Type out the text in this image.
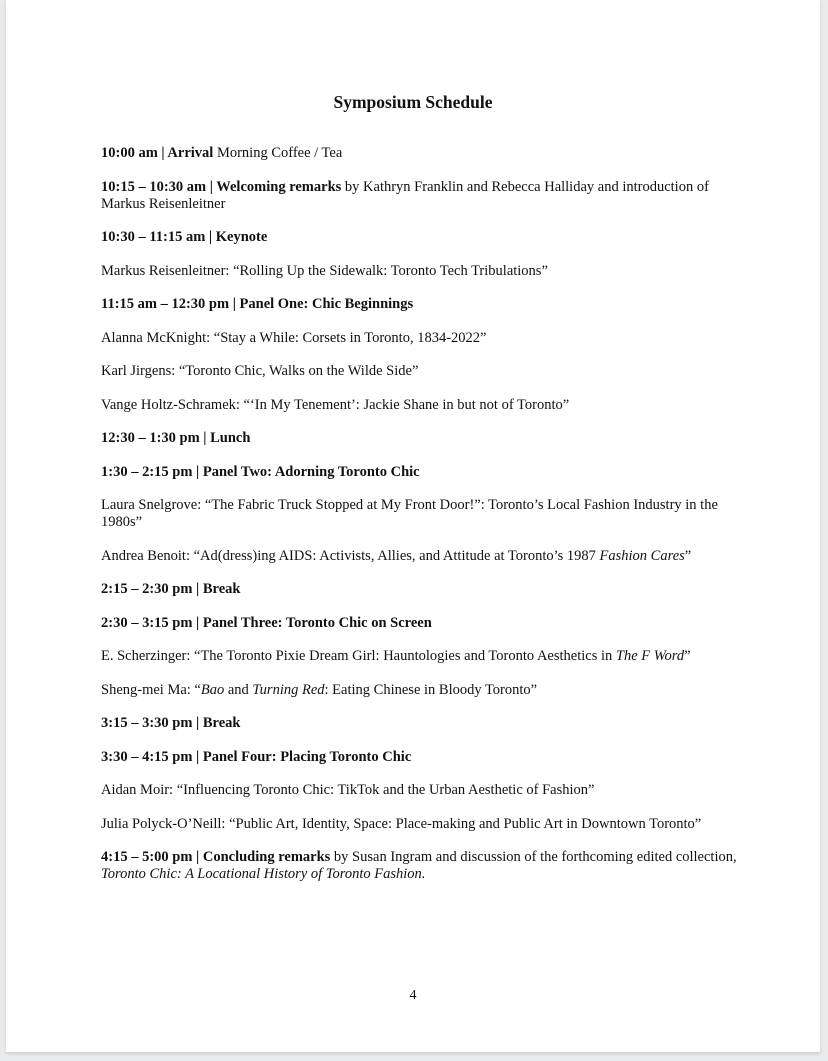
Symposium Schedule
10:00 am | Arrival Morning Coffee / Tea
10:15 – 10:30 am | Welcoming remarks by Kathryn Franklin and Rebecca Halliday and introduction of Markus Reisenleitner
10:30 – 11:15 am | Keynote
Markus Reisenleitner: “Rolling Up the Sidewalk: Toronto Tech Tribulations”
11:15 am – 12:30 pm | Panel One: Chic Beginnings
Alanna McKnight: “Stay a While: Corsets in Toronto, 1834-2022”
Karl Jirgens: “Toronto Chic, Walks on the Wilde Side”
Vange Holtz-Schramek: “‘In My Tenement’: Jackie Shane in but not of Toronto”
12:30 – 1:30 pm | Lunch
1:30 – 2:15 pm | Panel Two: Adorning Toronto Chic
Laura Snelgrove: “The Fabric Truck Stopped at My Front Door!”: Toronto’s Local Fashion Industry in the 1980s”
Andrea Benoit: “Ad(dress)ing AIDS: Activists, Allies, and Attitude at Toronto’s 1987 Fashion Cares”
2:15 – 2:30 pm | Break
2:30 – 3:15 pm | Panel Three: Toronto Chic on Screen
E. Scherzinger: “The Toronto Pixie Dream Girl: Hauntologies and Toronto Aesthetics in The F Word”
Sheng-mei Ma: “Bao and Turning Red: Eating Chinese in Bloody Toronto”
3:15 – 3:30 pm | Break
3:30 – 4:15 pm | Panel Four: Placing Toronto Chic
Aidan Moir: “Influencing Toronto Chic: TikTok and the Urban Aesthetic of Fashion”
Julia Polyck-O’Neill: “Public Art, Identity, Space: Place-making and Public Art in Downtown Toronto”
4:15 – 5:00 pm | Concluding remarks by Susan Ingram and discussion of the forthcoming edited collection, Toronto Chic: A Locational History of Toronto Fashion.
4
